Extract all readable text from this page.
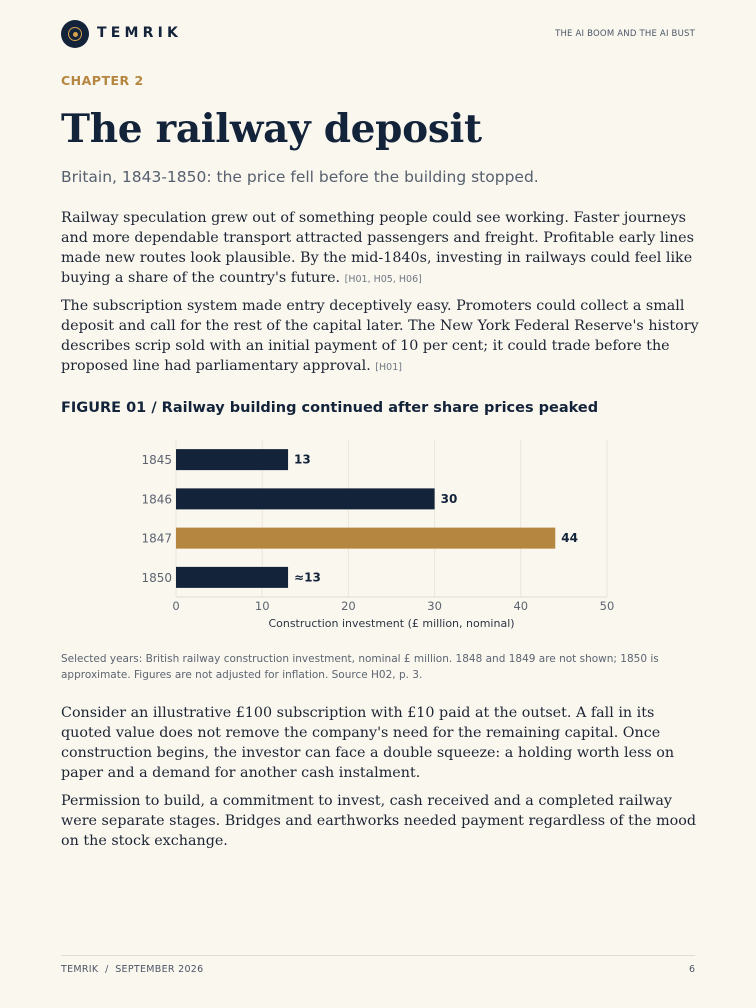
TEMRIK	THE AI BOOM AND THE AI BUST
CHAPTER 2
The railway deposit
Britain, 1843-1850: the price fell before the building stopped.

Railway speculation grew out of something people could see working. Faster journeys and more dependable transport attracted passengers and freight. Profitable early lines made new routes look plausible. By the mid-1840s, investing in railways could feel like buying a share of the country's future. [H01, H05, H06]

The subscription system made entry deceptively easy. Promoters could collect a small deposit and call for the rest of the capital later. The New York Federal Reserve's history describes scrip sold with an initial payment of 10 per cent; it could trade before the proposed line had parliamentary approval. [H01]

FIGURE 01 / Railway building continued after share prices peaked
1845	13
1846	30
1847	44
1850	≈13
0	10	20	30	40	50
Construction investment (£ million, nominal)
Selected years: British railway construction investment, nominal £ million. 1848 and 1849 are not shown; 1850 is approximate. Figures are not adjusted for inflation. Source H02, p. 3.

Consider an illustrative £100 subscription with £10 paid at the outset. A fall in its quoted value does not remove the company's need for the remaining capital. Once construction begins, the investor can face a double squeeze: a holding worth less on paper and a demand for another cash instalment.

Permission to build, a commitment to invest, cash received and a completed railway were separate stages. Bridges and earthworks needed payment regardless of the mood on the stock exchange.

TEMRIK  /  SEPTEMBER 2026	6
